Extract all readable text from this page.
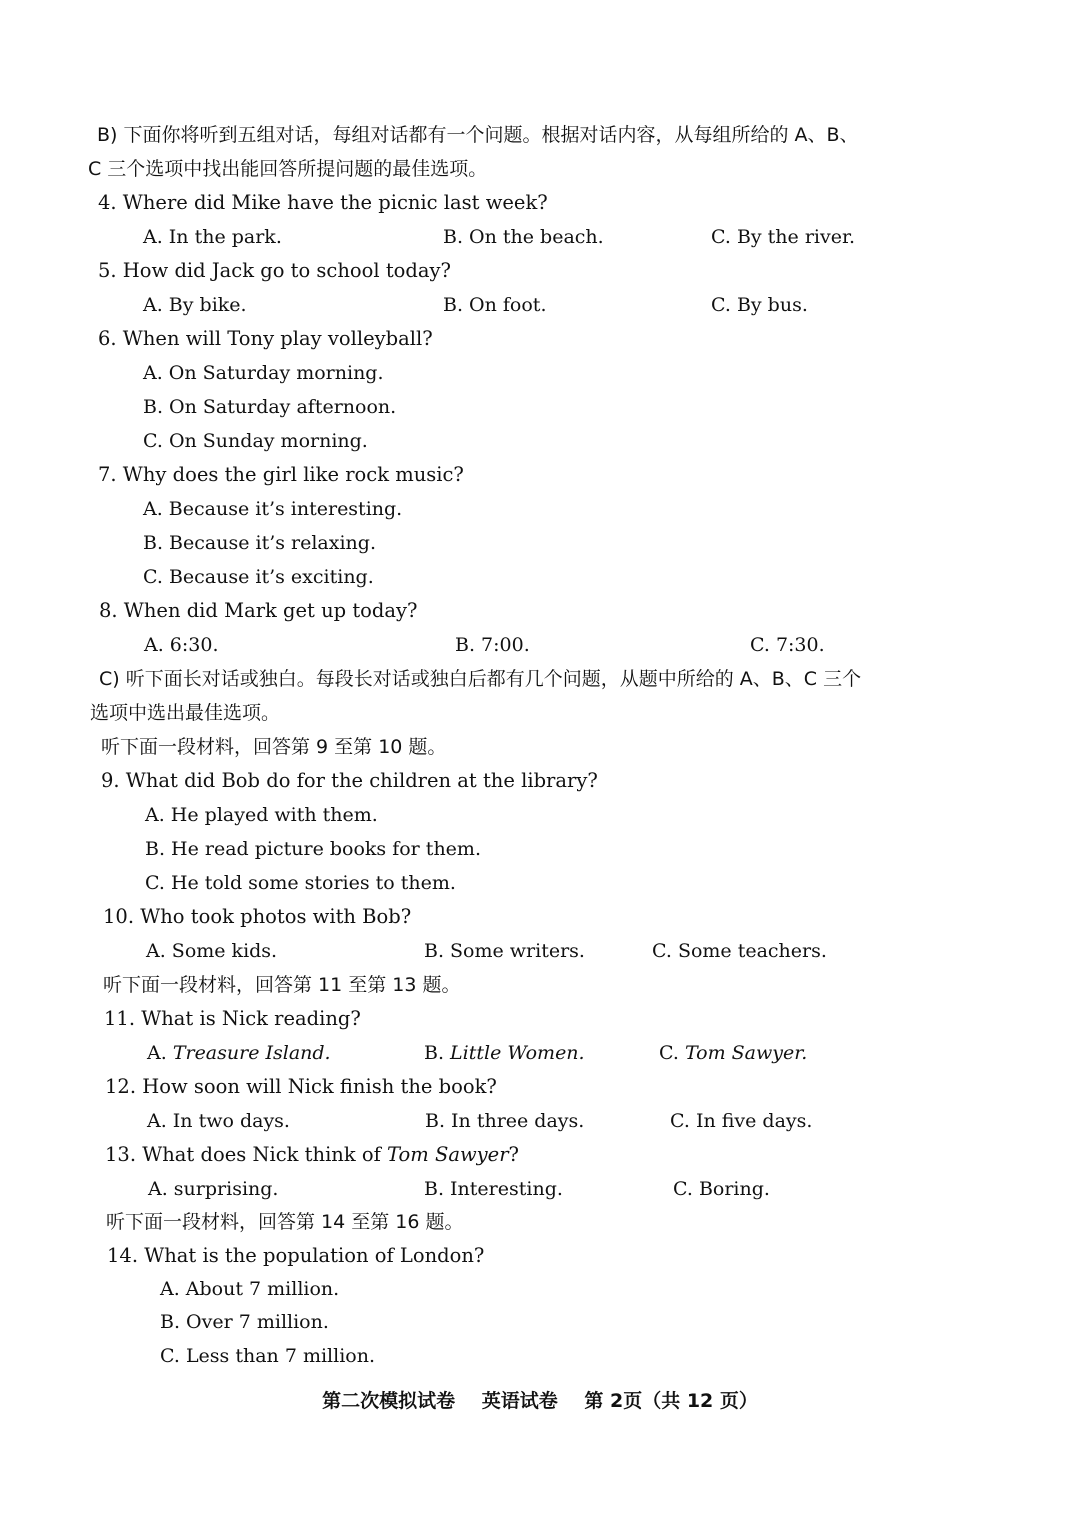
B) 下面你将听到五组对话，每组对话都有一个问题。根据对话内容，从每组所给的 A、B、
C 三个选项中找出能回答所提问题的最佳选项。
4. Where did Mike have the picnic last week?
A. In the park.	B. On the beach.	C. By the river.
5. How did Jack go to school today?
A. By bike.	B. On foot.	C. By bus.
6. When will Tony play volleyball?
A. On Saturday morning.
B. On Saturday afternoon.
C. On Sunday morning.
7. Why does the girl like rock music?
A. Because it’s interesting.
B. Because it’s relaxing.
C. Because it’s exciting.
8. When did Mark get up today?
A. 6:30.	B. 7:00.	C. 7:30.
C) 听下面长对话或独白。每段长对话或独白后都有几个问题，从题中所给的 A、B、C 三个
选项中选出最佳选项。
听下面一段材料，回答第 9 至第 10 题。
9. What did Bob do for the children at the library?
A. He played with them.
B. He read picture books for them.
C. He told some stories to them.
10. Who took photos with Bob?
A. Some kids.	B. Some writers.	C. Some teachers.
听下面一段材料，回答第 11 至第 13 题。
11. What is Nick reading?
A. Treasure Island.	B. Little Women.	C. Tom Sawyer.
12. How soon will Nick finish the book?
A. In two days.	B. In three days.	C. In five days.
13. What does Nick think of Tom Sawyer?
A. surprising.	B. Interesting.	C. Boring.
听下面一段材料，回答第 14 至第 16 题。
14. What is the population of London?
A. About 7 million.
B. Over 7 million.
C. Less than 7 million.
第二次模拟试卷 英语试卷 第 2页（共 12 页）
